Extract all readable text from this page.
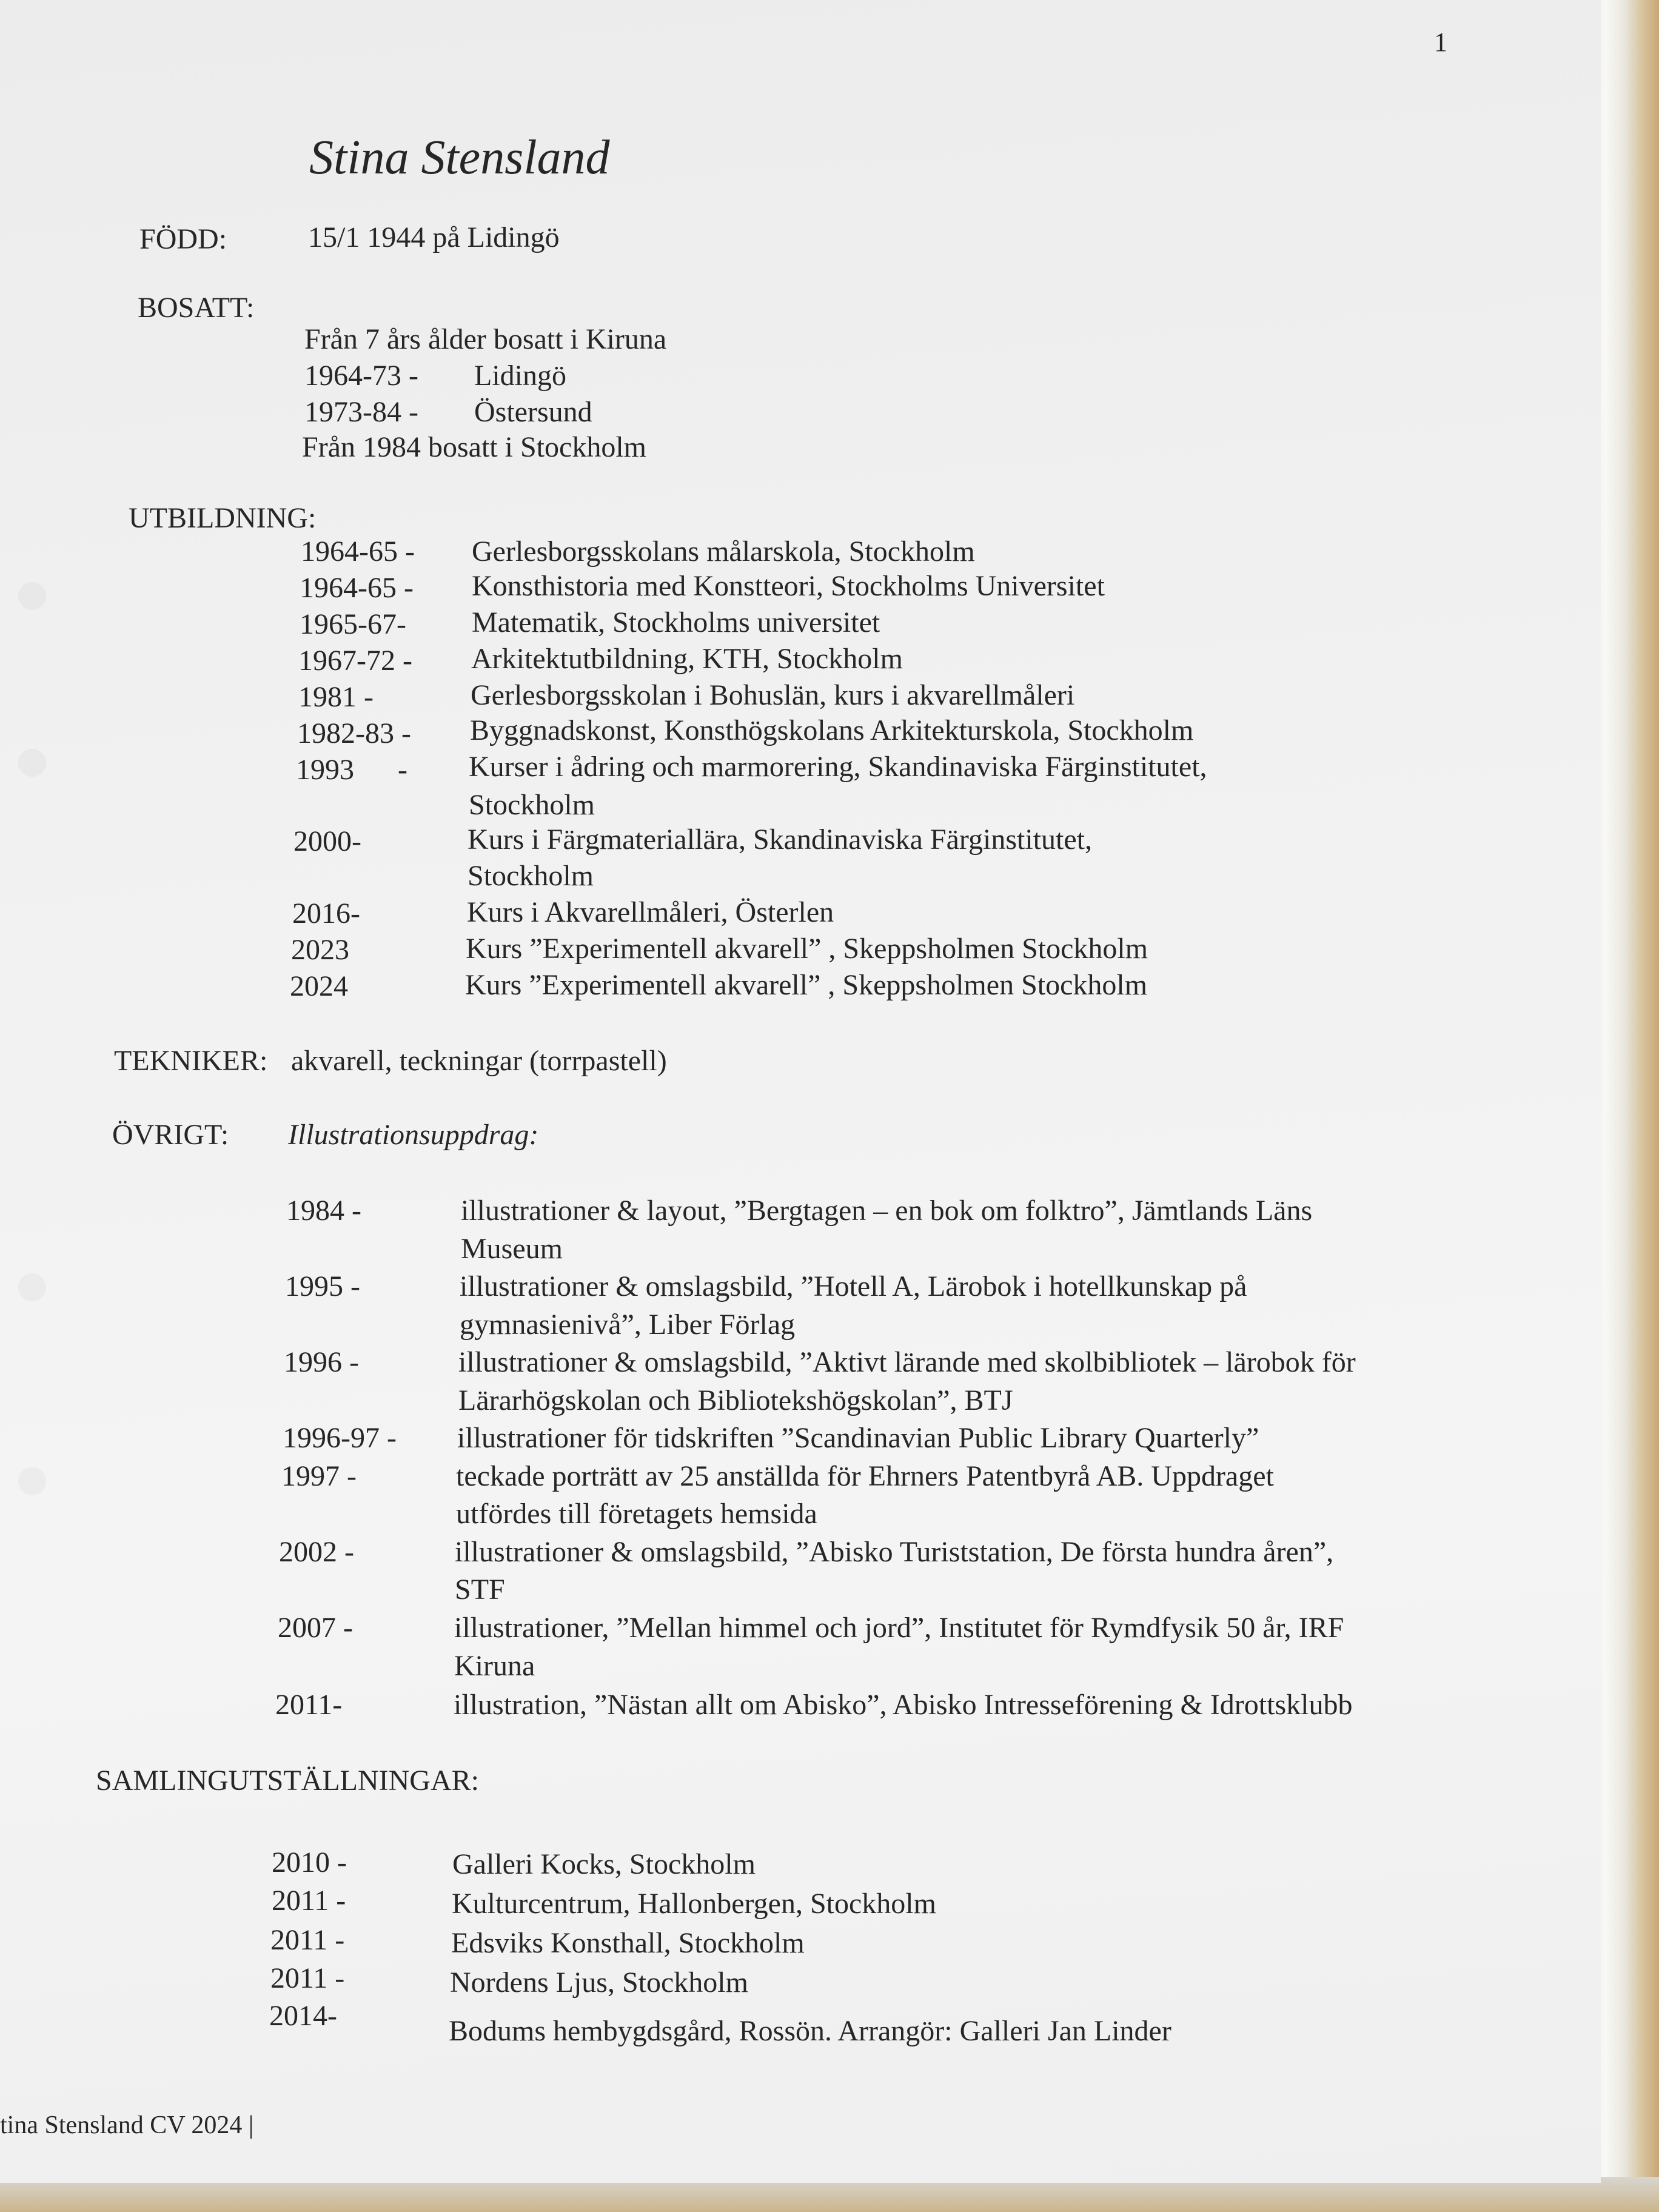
1
Stina Stensland
FÖDD:	15/1 1944 på Lidingö
BOSATT:
Från 7 års ålder bosatt i Kiruna
1964-73 - Lidingö
1973-84 - Östersund
Från 1984 bosatt i Stockholm
UTBILDNING:
1964-65 - Gerlesborgsskolans målarskola, Stockholm
1964-65 - Konsthistoria med Konstteori, Stockholms Universitet
1965-67- Matematik, Stockholms universitet
1967-72 - Arkitektutbildning, KTH, Stockholm
1981 -	Gerlesborgsskolan i Bohuslän, kurs i akvarellmåleri
1982-83 - Byggnadskonst, Konsthögskolans Arkitekturskola, Stockholm
1993      - Kurser i ådring och marmorering, Skandinaviska Färginstitutet,
Stockholm
2000-	Kurs i Färgmateriallära, Skandinaviska Färginstitutet,
Stockholm
2016-	Kurs i Akvarellmåleri, Österlen
2023	Kurs ”Experimentell akvarell” , Skeppsholmen Stockholm
2024	Kurs ”Experimentell akvarell” , Skeppsholmen Stockholm
TEKNIKER: akvarell, teckningar (torrpastell)
ÖVRIGT: Illustrationsuppdrag:
1984 -	illustrationer & layout, ”Bergtagen – en bok om folktro”, Jämtlands Läns
Museum
1995 -	illustrationer & omslagsbild, ”Hotell A, Lärobok i hotellkunskap på
gymnasienivå”, Liber Förlag
1996 -	illustrationer & omslagsbild, ”Aktivt lärande med skolbibliotek – lärobok för
Lärarhögskolan och Bibliotekshögskolan”, BTJ
1996-97 - illustrationer för tidskriften ”Scandinavian Public Library Quarterly”
1997 -	teckade porträtt av 25 anställda för Ehrners Patentbyrå AB. Uppdraget
utfördes till företagets hemsida
2002 -	illustrationer & omslagsbild, ”Abisko Turiststation, De första hundra åren”,
STF
2007 -	illustrationer, ”Mellan himmel och jord”, Institutet för Rymdfysik 50 år, IRF
Kiruna
2011-	illustration, ”Nästan allt om Abisko”, Abisko Intresseförening & Idrottsklubb
SAMLINGUTSTÄLLNINGAR:
2010 -	Galleri Kocks, Stockholm
2011 -	Kulturcentrum, Hallonbergen, Stockholm
2011 -	Edsviks Konsthall, Stockholm
2011 -	Nordens Ljus, Stockholm
2014-	Bodums hembygdsgård, Rossön. Arrangör: Galleri Jan Linder
tina Stensland CV 2024 |
